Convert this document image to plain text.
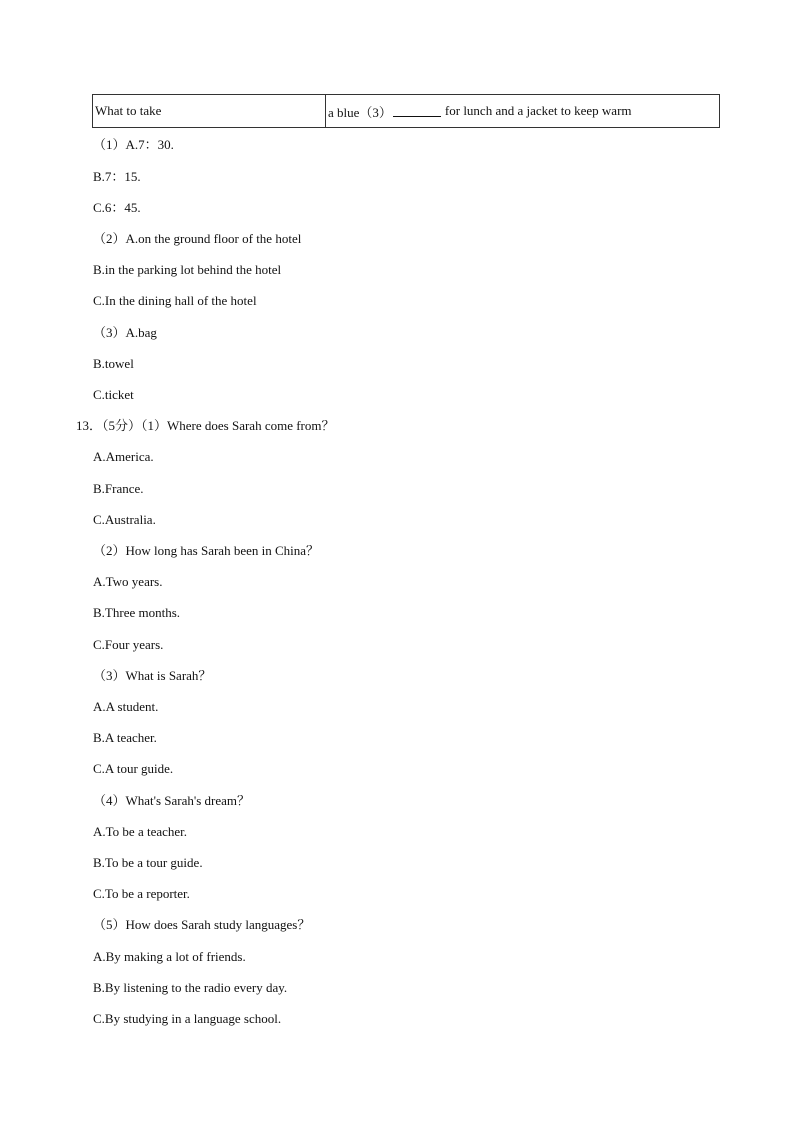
What to take	a blue（3）	for lunch and a jacket to keep warm
（1）A.7：30.
B.7：15.
C.6：45.
（2）A.on the ground floor of the hotel
B.in the parking lot behind the hotel
C.In the dining hall of the hotel
（3）A.bag
B.towel
C.ticket
13．（5分）（1）Where does Sarah come from？
A.America.
B.France.
C.Australia.
（2）How long has Sarah been in China？
A.Two years.
B.Three months.
C.Four years.
（3）What is Sarah？
A.A student.
B.A teacher.
C.A tour guide.
（4）What's Sarah's dream？
A.To be a teacher.
B.To be a tour guide.
C.To be a reporter.
（5）How does Sarah study languages？
A.By making a lot of friends.
B.By listening to the radio every day.
C.By studying in a language school.
